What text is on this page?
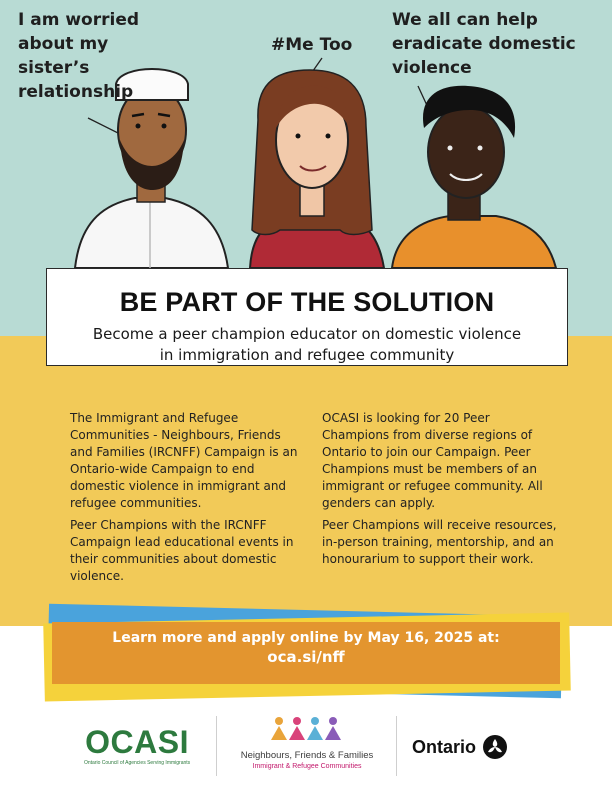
I am worried about my sister’s relationship

#Me Too

We all can help eradicate domestic violence

BE PART OF THE SOLUTION

Become a peer champion educator on domestic violence
in immigration and refugee community

The Immigrant and Refugee Communities - Neighbours, Friends and Families (IRCNFF) Campaign is an Ontario-wide Campaign to end domestic violence in immigrant and refugee communities.

Peer Champions with the IRCNFF Campaign lead educational events in their communities about domestic violence.

OCASI is looking for 20 Peer Champions from diverse regions of Ontario to join our Campaign. Peer Champions must be members of an immigrant or refugee community. All genders can apply.

Peer Champions will receive resources, in-person training, mentorship, and an honourarium to support their work.

Learn more and apply online by May 16, 2025 at:

oca.si/nff

OCASI
Ontario Council of Agencies Serving Immigrants
Neighbours, Friends & Families
Immigrant & Refugee Communities
Ontario
